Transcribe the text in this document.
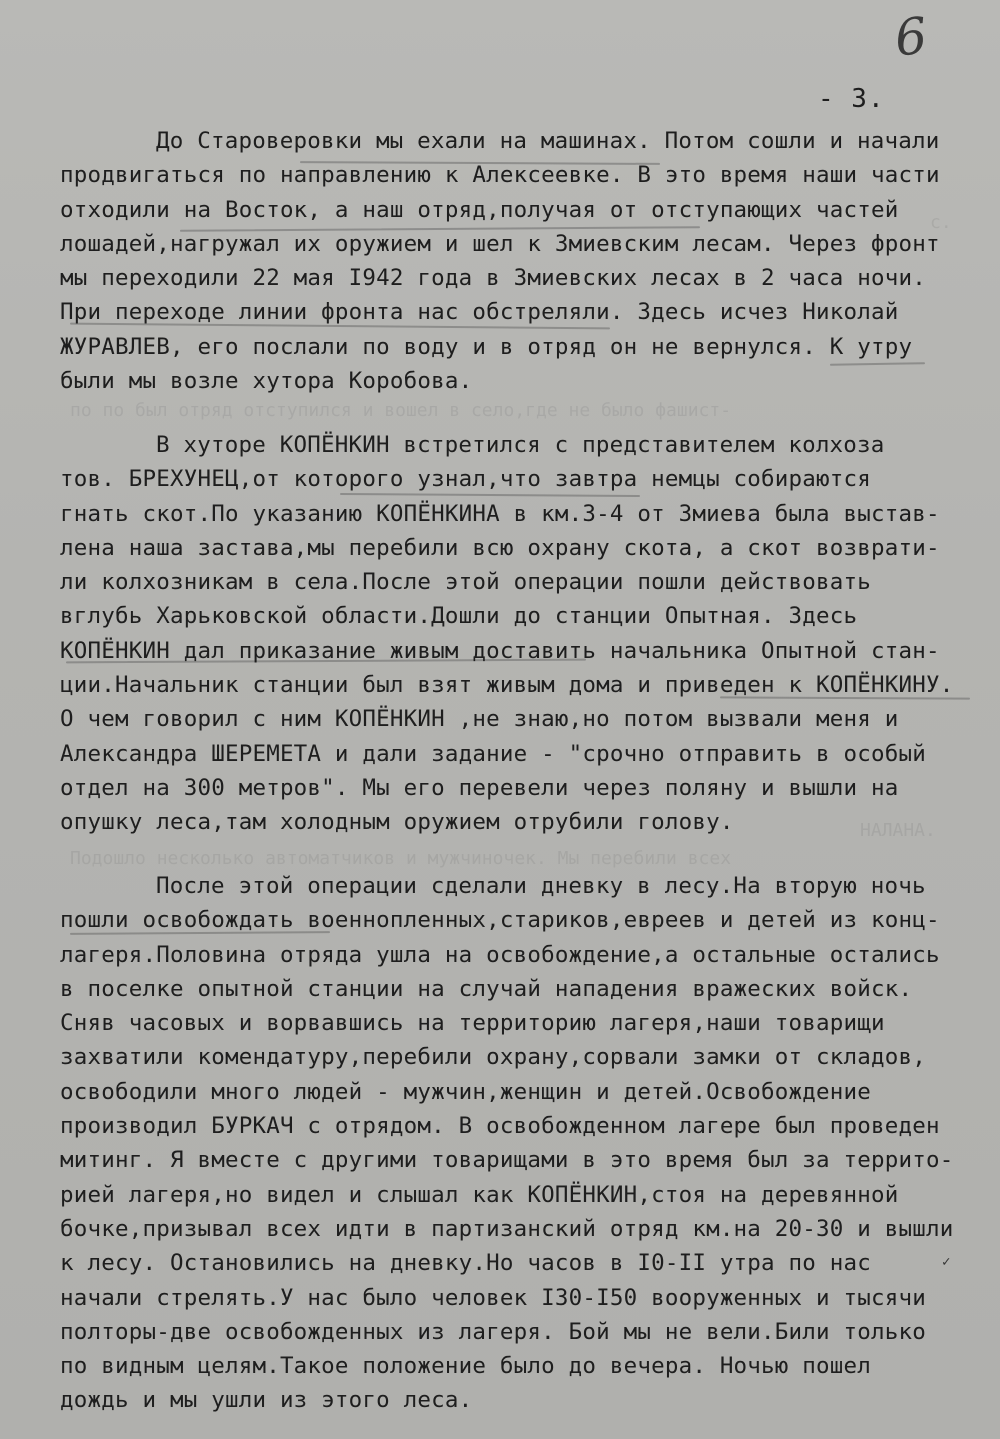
с.
по по был отряд отступился и вошел в село,где не было фашист-
НАЛАНА.
Подошло несколько автоматчиков и мужчиночек. Мы перебили всех
6
- 3.
До Староверовки мы ехали на машинах. Потом сошли и начали
продвигаться по направлению к Алексеевке. В это время наши части
отходили на Восток, а наш отряд,получая от отступающих частей
лошадей,нагружал их оружием и шел к Змиевским лесам. Через фронт
мы переходили 22 мая I942 года в Змиевских лесах в 2 часа ночи.
При переходе линии фронта нас обстреляли. Здесь исчез Николай
ЖУРАВЛЕВ, его послали по воду и в отряд он не вернулся. К утру
были мы возле хутора Коробова.
В хуторе КОПЁНКИН встретился с представителем колхоза
тов. БРЕХУНЕЦ,от которого узнал,что завтра немцы собираются
гнать скот.По указанию КОПЁНКИНА в км.3-4 от Змиева была выстав-
лена наша застава,мы перебили всю охрану скота, а скот возврати-
ли колхозникам в села.После этой операции пошли действовать
вглубь Харьковской области.Дошли до станции Опытная. Здесь
КОПЁНКИН дал приказание живым доставить начальника Опытной стан-
ции.Начальник станции был взят живым дома и приведен к КОПЁНКИНУ.
О чем говорил с ним КОПЁНКИН ,не знаю,но потом вызвали меня и
Александра ШЕРЕМЕТА и дали задание - "срочно отправить в особый
отдел на 300 метров". Мы его перевели через поляну и вышли на
опушку леса,там холодным оружием отрубили голову.
После этой операции сделали дневку в лесу.На вторую ночь
пошли освобождать военнопленных,стариков,евреев и детей из конц-
лагеря.Половина отряда ушла на освобождение,а остальные остались
в поселке опытной станции на случай нападения вражеских войск.
Сняв часовых и ворвавшись на территорию лагеря,наши товарищи
захватили комендатуру,перебили охрану,сорвали замки от складов,
освободили много людей - мужчин,женщин и детей.Освобождение
производил БУРКАЧ с отрядом. В освобожденном лагере был проведен
митинг. Я вместе с другими товарищами в это время был за террито-
рией лагеря,но видел и слышал как КОПЁНКИН,стоя на деревянной
бочке,призывал всех идти в партизанский отряд км.на 20-30 и вышли
к лесу. Остановились на дневку.Но часов в I0-II утра по нас
начали стрелять.У нас было человек I30-I50 вооруженных и тысячи
полторы-две освобожденных из лагеря. Бой мы не вели.Били только
по видным целям.Такое положение было до вечера. Ночью пошел
дождь и мы ушли из этого леса.
✓
